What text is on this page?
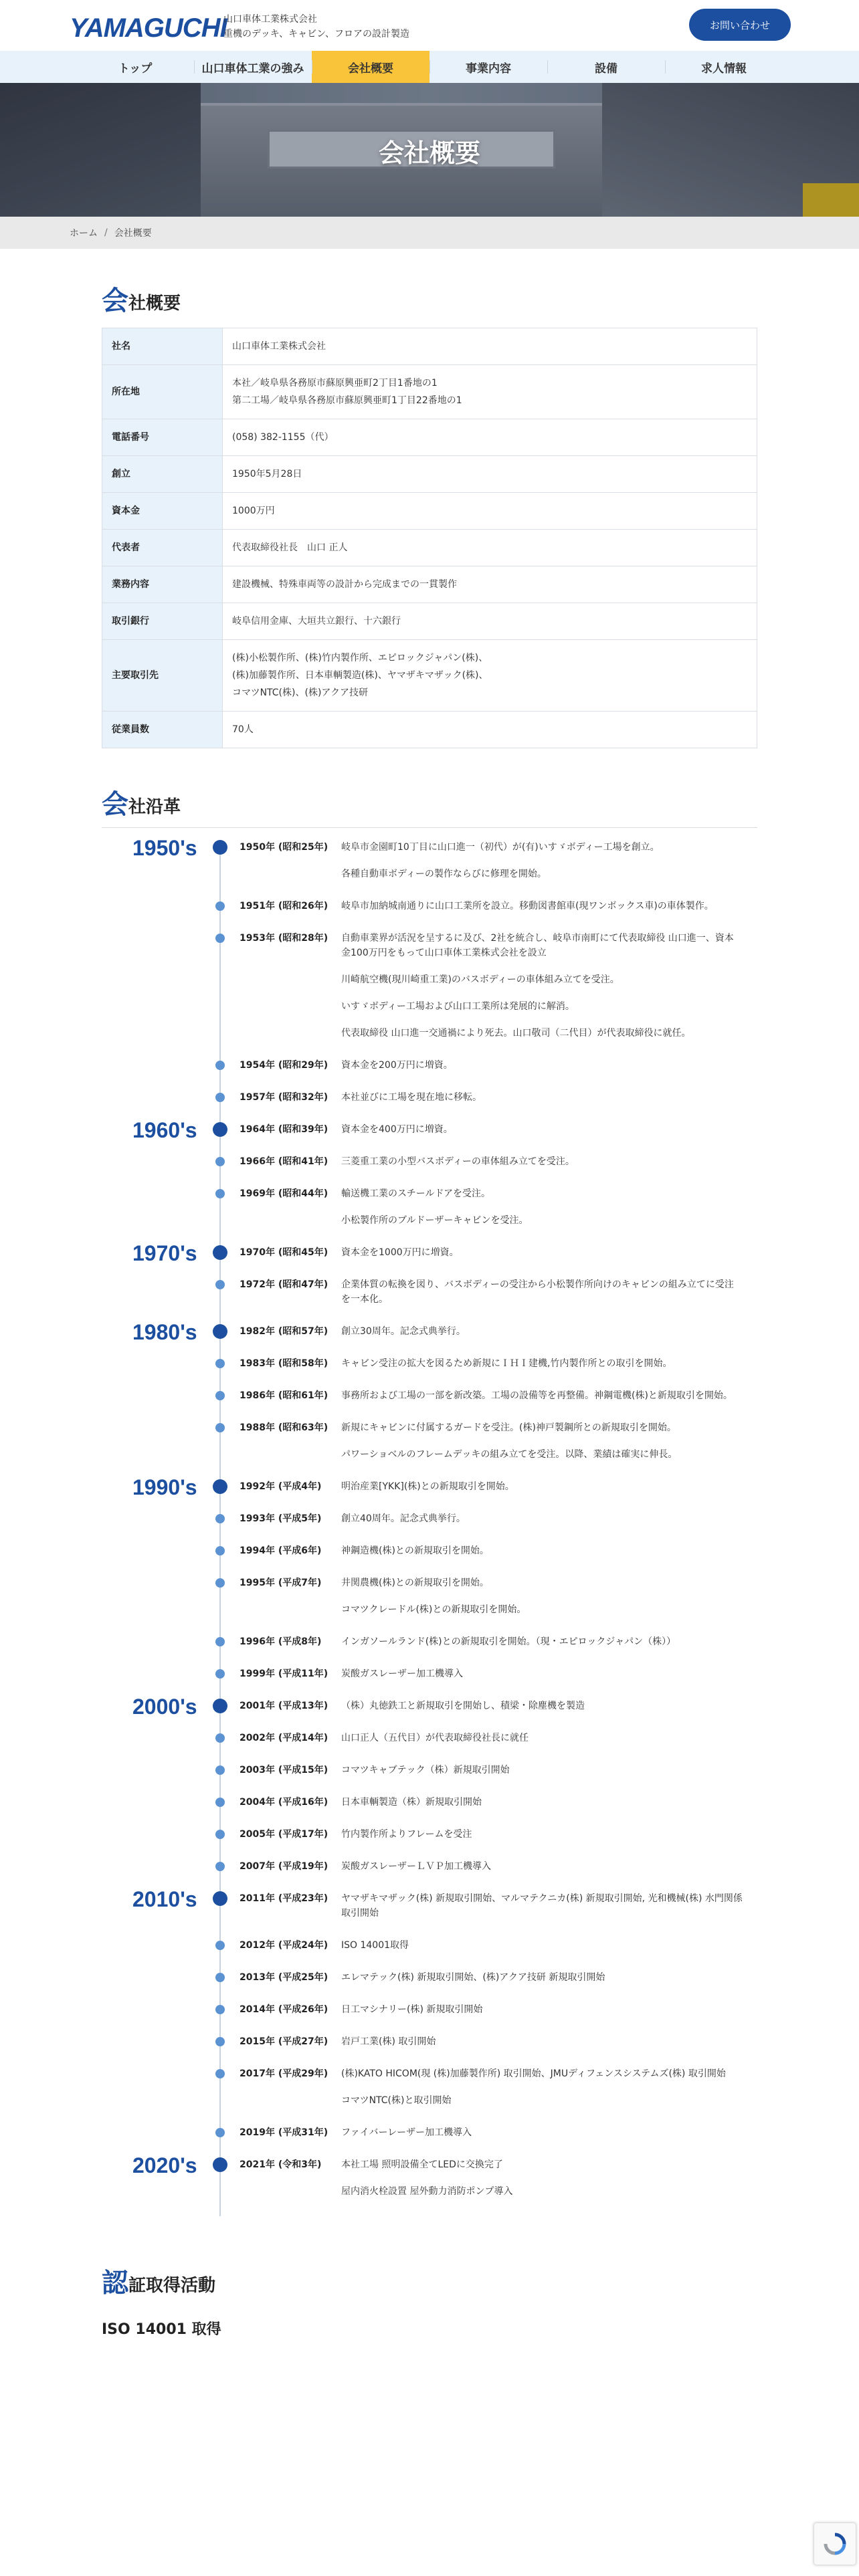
YAMAGUCHI
山口車体工業株式会社
重機のデッキ、キャビン、フロアの設計製造
お問い合わせ
トップ	山口車体工業の強み	会社概要	事業内容	設備	求人情報
会社概要
ホーム / 会社概要
会 社概要
社名	山口車体工業株式会社

所在地	本社／岐阜県各務原市蘇原興亜町2丁目1番地の1
第二工場／岐阜県各務原市蘇原興亜町1丁目22番地の1

電話番号	(058) 382-1155（代）

創立	1950年5月28日

資本金	1000万円

代表者	代表取締役社長　山口 正人

業務内容	建設機械、特殊車両等の設計から完成までの一貫製作

取引銀行	岐阜信用金庫、大垣共立銀行、十六銀行

主要取引先	(株)小松製作所、(株)竹内製作所、エピロックジャパン(株)、
(株)加藤製作所、日本車輌製造(株)、ヤマザキマザック(株)、
コマツNTC(株)、(株)アクア技研

従業員数	70人
会 社沿革
1950's	1950年 (昭和25年)	岐阜市金園町10丁目に山口進一（初代）が(有)いすゞボディー工場を創立。
各種自動車ボディーの製作ならびに修理を開始。
1951年 (昭和26年)	岐阜市加納城南通りに山口工業所を設立。移動図書館車(現ワンボックス車)の車体製作。
1953年 (昭和28年)	自動車業界が活況を呈するに及び、2社を統合し、岐阜市南町にて代表取締役 山口進一、資本金100万円をもって山口車体工業株式会社を設立
川崎航空機(現川崎重工業)のバスボディーの車体組み立てを受注。
いすゞボディー工場および山口工業所は発展的に解消。
代表取締役 山口進一交通禍により死去。山口敬司（二代目）が代表取締役に就任。
1954年 (昭和29年)	資本金を200万円に増資。
1957年 (昭和32年)	本社並びに工場を現在地に移転。
1960's	1964年 (昭和39年)	資本金を400万円に増資。
1966年 (昭和41年)	三菱重工業の小型バスボディーの車体組み立てを受注。
1969年 (昭和44年)	輸送機工業のスチールドアを受注。
小松製作所のブルドーザーキャビンを受注。
1970's	1970年 (昭和45年)	資本金を1000万円に増資。
1972年 (昭和47年)	企業体質の転換を図り、バスボディーの受注から小松製作所向けのキャビンの組み立てに受注を一本化。
1980's	1982年 (昭和57年)	創立30周年。記念式典挙行。
1983年 (昭和58年)	キャビン受注の拡大を図るため新規にＩＨＩ建機,竹内製作所との取引を開始。
1986年 (昭和61年)	事務所および工場の一部を新改築。工場の設備等を再整備。神鋼電機(株)と新規取引を開始。
1988年 (昭和63年)	新規にキャビンに付属するガードを受注。(株)神戸製鋼所との新規取引を開始。
パワーショベルのフレームデッキの組み立てを受注。以降、業績は確実に伸長。
1990's	1992年 (平成4年)	明治産業[YKK](株)との新規取引を開始。
1993年 (平成5年)	創立40周年。記念式典挙行。
1994年 (平成6年)	神鋼造機(株)との新規取引を開始。
1995年 (平成7年)	井関農機(株)との新規取引を開始。
コマツクレードル(株)との新規取引を開始。
1996年 (平成8年)	インガソールランド(株)との新規取引を開始。（現・エピロックジャパン（株））
1999年 (平成11年)	炭酸ガスレーザー加工機導入
2000's	2001年 (平成13年)	（株）丸徳鉄工と新規取引を開始し、積梁・除塵機を製造
2002年 (平成14年)	山口正人（五代目）が代表取締役社長に就任
2003年 (平成15年)	コマツキャブテック（株）新規取引開始
2004年 (平成16年)	日本車輌製造（株）新規取引開始
2005年 (平成17年)	竹内製作所よりフレームを受注
2007年 (平成19年)	炭酸ガスレーザーＬＶＰ加工機導入
2010's	2011年 (平成23年)	ヤマザキマザック(株) 新規取引開始、マルマテクニカ(株) 新規取引開始, 光和機械(株) 水門関係取引開始
2012年 (平成24年)	ISO 14001取得
2013年 (平成25年)	エレマテック(株) 新規取引開始、(株)アクア技研 新規取引開始
2014年 (平成26年)	日工マシナリー(株) 新規取引開始
2015年 (平成27年)	岩戸工業(株) 取引開始
2017年 (平成29年)	(株)KATO HICOM(現 (株)加藤製作所) 取引開始、JMUディフェンスシステムズ(株) 取引開始
コマツNTC(株)と取引開始
2019年 (平成31年)	ファイバーレーザー加工機導入
2020's	2021年 (令和3年)	本社工場 照明設備全てLEDに交換完了
屋内消火栓設置 屋外動力消防ポンプ導入
認 証取得活動
ISO 14001 取得
